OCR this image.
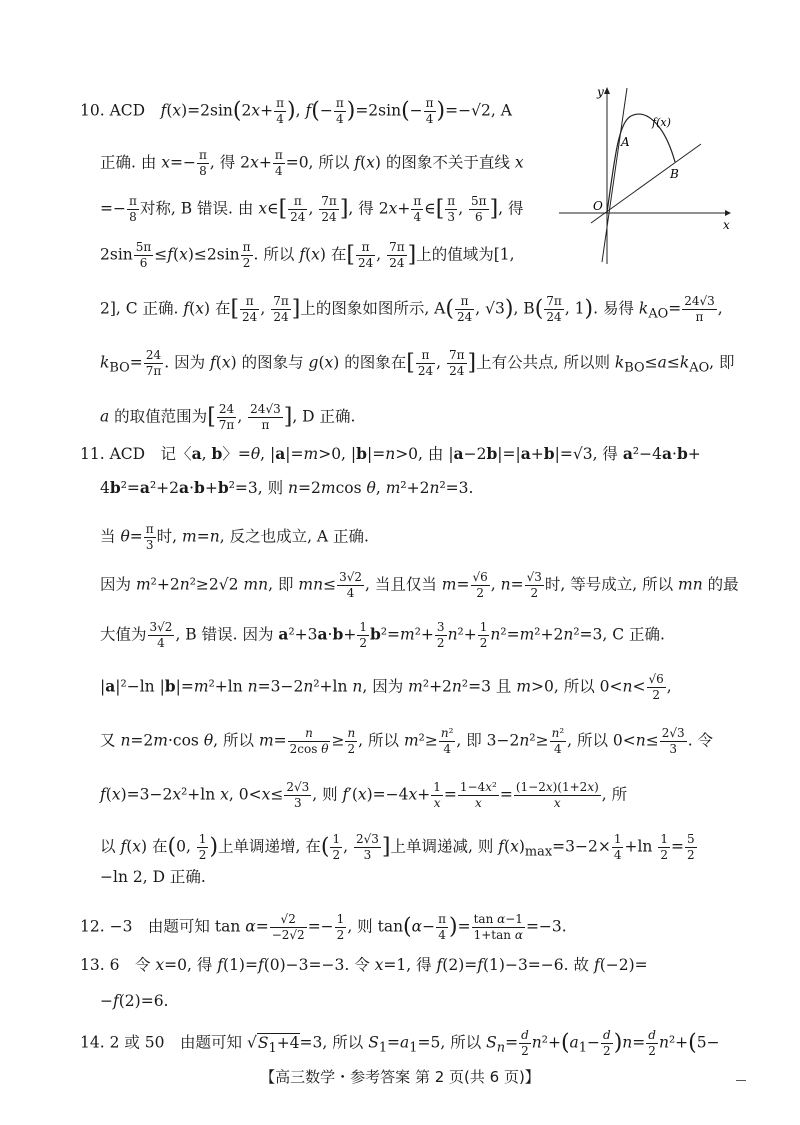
y
x
O
A
B
f(x)
10. ACD　$f(x)=2\sin(2x+ \frac{\pi}{4}$ ), $f(- \frac{\pi}{4} )=2\sin(- \frac{\pi}{4} )=-√2$, A
正确. 由 $x=- \frac{\pi}{8}$ , 得 $2x+ \frac{\pi}{4} =0$, 所以 f(x) 的图象不关于直线 x
=− $\frac{\pi}{8}$ 对称, B 错误. 由 x∈[ $\frac{\pi}{24}$ , $\frac{7\pi}{24}$ ], 得 $2x+ \frac{\pi}{4}$ ∈[ $\frac{\pi}{3}$ , $\frac{5\pi}{6}$ ], 得
$2\sin \frac{5\pi}{6} \le f(x)\le 2\sin \frac{\pi}{2}$ . 所以 f(x) 在[ $\frac{\pi}{24}$ , $\frac{7\pi}{24}$ ]上的值域为[1,
2], C 正确. f(x) 在[ $\frac{\pi}{24}$ , $\frac{7\pi}{24}$ ]上的图象如图所示, $A( \frac{\pi}{24}$ , √3), $B( \frac{7\pi}{24}$ , 1). 易得 $k_{AO}= \frac{24√3}{\pi}$ ,
$k_{BO}= \frac{24}{7\pi}$ . 因为 f(x) 的图象与 g(x) 的图象在[ $\frac{\pi}{24}$ , $\frac{7\pi}{24}$ ]上有公共点, 所以则 $k_{BO}\le a\le k_{AO}$, 即
a 的取值范围为[ $\frac{24}{7\pi}$ , $\frac{24√3}{\pi}$ ], D 正确.
11. ACD　记〈a, b〉=θ, |a|=m>0, |b|=n>0, 由 |a−2b|=|a+b|=√3, 得 a²−4a·b+
4b²=a²+2a·b+b²=3, 则 n=2mcos θ, m²+2n²=3.
当 $\theta= \frac{\pi}{3}$ 时, m=n, 反之也成立, A 正确.
因为 m²+2n²≥2√2 mn, 即 $mn\le \frac{3√2}{4}$ , 当且仅当 $m= \frac{√6}{2}$ , $n= \frac{√3}{2}$ 时, 等号成立, 所以 mn 的最
大值为 $\frac{3√2}{4}$ , B 错误. 因为 $a^2+3a\cdot b+ \frac{1}{2} b^2=m^2+ \frac{3}{2} n^2+ \frac{1}{2} n^2=m^2+2n^2=3$, C 正确.
|a|²−ln |b|=m²+ln n=3−2n²+ln n, 因为 m²+2n²=3 且 m>0, 所以 $0<n< \frac{√6}{2}$ ,
又 n=2m·cos θ, 所以 $m= \frac{n}{\text{2cos θ}} \ge \frac{n}{2}$ , 所以 $m^2\ge \frac{\text{n²}}{4}$ , 即 $3-2n^2\ge \frac{\text{n²}}{4}$ , 所以 $0<n\le \frac{2√3}{3}$ . 令
f(x)=3−2x²+ln x, $0<x\le \frac{2√3}{3}$ , 则 $f'(x)=-4x+ \frac{1}{x} = \frac{\text{1−4x²}}{x} = \frac{(1-2x)(1+2x)}{x}$ , 所
以 f(x) 在(0, $\frac{1}{2}$ )上单调递增, 在( $\frac{1}{2}$ , $\frac{2√3}{3}$ ]上单调递减, 则 $f(x)_{max}=3-2\times \frac{1}{4} +\ln \frac{1}{2} = \frac{5}{2}$
−ln 2, D 正确.
12. −3　由题可知 $\tan \alpha= \frac{√2}{-2√2} =- \frac{1}{2}$ , 则 $\tan(\alpha- \frac{\pi}{4}$ )= $\frac{\text{tan α−1}}{\text{1+tan α}} =-3$.
13. 6　令 x=0, 得 f(1)=f(0)−3=−3. 令 x=1, 得 f(2)=f(1)−3=−6. 故 f(−2)=
−f(2)=6.
14. 2 或 50　由题可知 $√S_1+4=3$, 所以 $S_1=a_1=5$, 所以 $S_n= \frac{d}{2} n^2+(a_1- \frac{d}{2} )n= \frac{d}{2} n^2+(5-$
【高三数学・参考答案 第 2 页(共 6 页)】
